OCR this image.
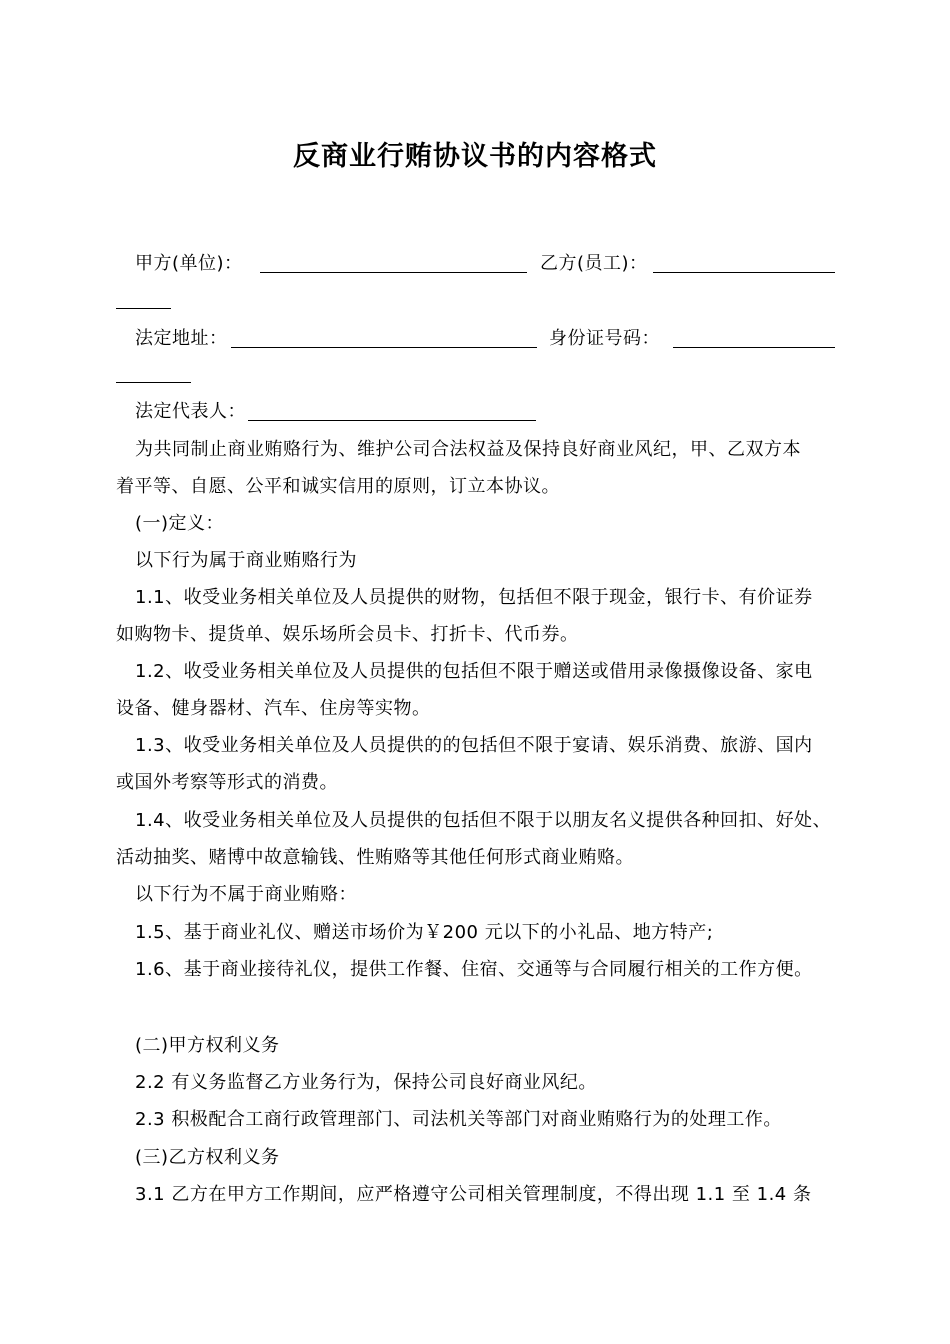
反商业行贿协议书的内容格式
甲方(单位)：	乙方(员工)：
法定地址：	身份证号码：
法定代表人：
为共同制止商业贿赂行为、维护公司合法权益及保持良好商业风纪，甲、乙双方本
着平等、自愿、公平和诚实信用的原则，订立本协议。
(一)定义：
以下行为属于商业贿赂行为
1.1、收受业务相关单位及人员提供的财物，包括但不限于现金，银行卡、有价证券
如购物卡、提货单、娱乐场所会员卡、打折卡、代币券。
1.2、收受业务相关单位及人员提供的包括但不限于赠送或借用录像摄像设备、家电
设备、健身器材、汽车、住房等实物。
1.3、收受业务相关单位及人员提供的的包括但不限于宴请、娱乐消费、旅游、国内
或国外考察等形式的消费。
1.4、收受业务相关单位及人员提供的包括但不限于以朋友名义提供各种回扣、好处、
活动抽奖、赌博中故意输钱、性贿赂等其他任何形式商业贿赂。
以下行为不属于商业贿赂：
1.5、基于商业礼仪、赠送市场价为￥200 元以下的小礼品、地方特产;
1.6、基于商业接待礼仪，提供工作餐、住宿、交通等与合同履行相关的工作方便。
(二)甲方权利义务
2.2 有义务监督乙方业务行为，保持公司良好商业风纪。
2.3 积极配合工商行政管理部门、司法机关等部门对商业贿赂行为的处理工作。
(三)乙方权利义务
3.1 乙方在甲方工作期间，应严格遵守公司相关管理制度，不得出现 1.1 至 1.4 条
